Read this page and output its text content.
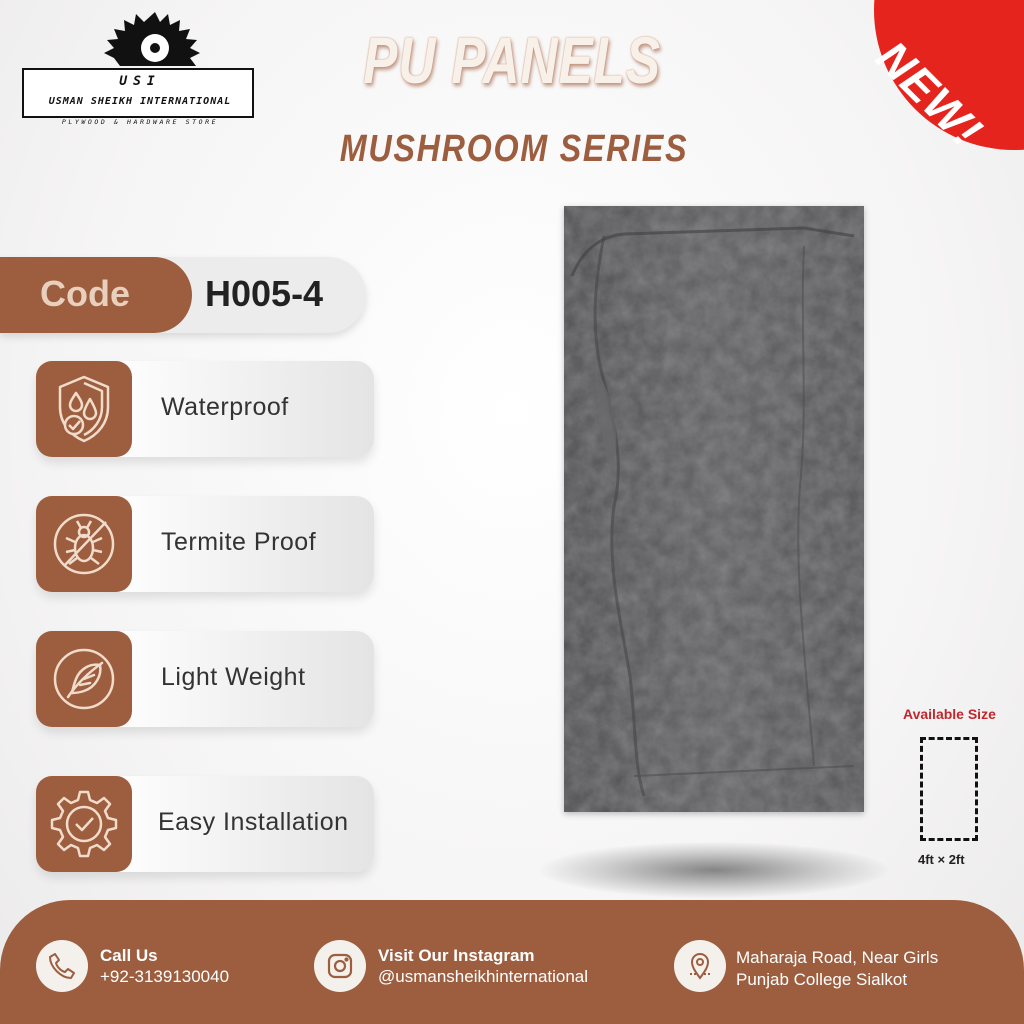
USI
USMAN SHEIKH INTERNATIONAL
PLYWOOD & HARDWARE STORE
PU PANELS
MUSHROOM SERIES	NEW!
Code H005-4
Waterproof
Termite Proof
Light Weight
Easy Installation
Available Size
4ft × 2ft
Call Us
+92-3139130040
Visit Our Instagram
@usmansheikhinternational
Maharaja Road, Near Girls
Punjab College Sialkot
